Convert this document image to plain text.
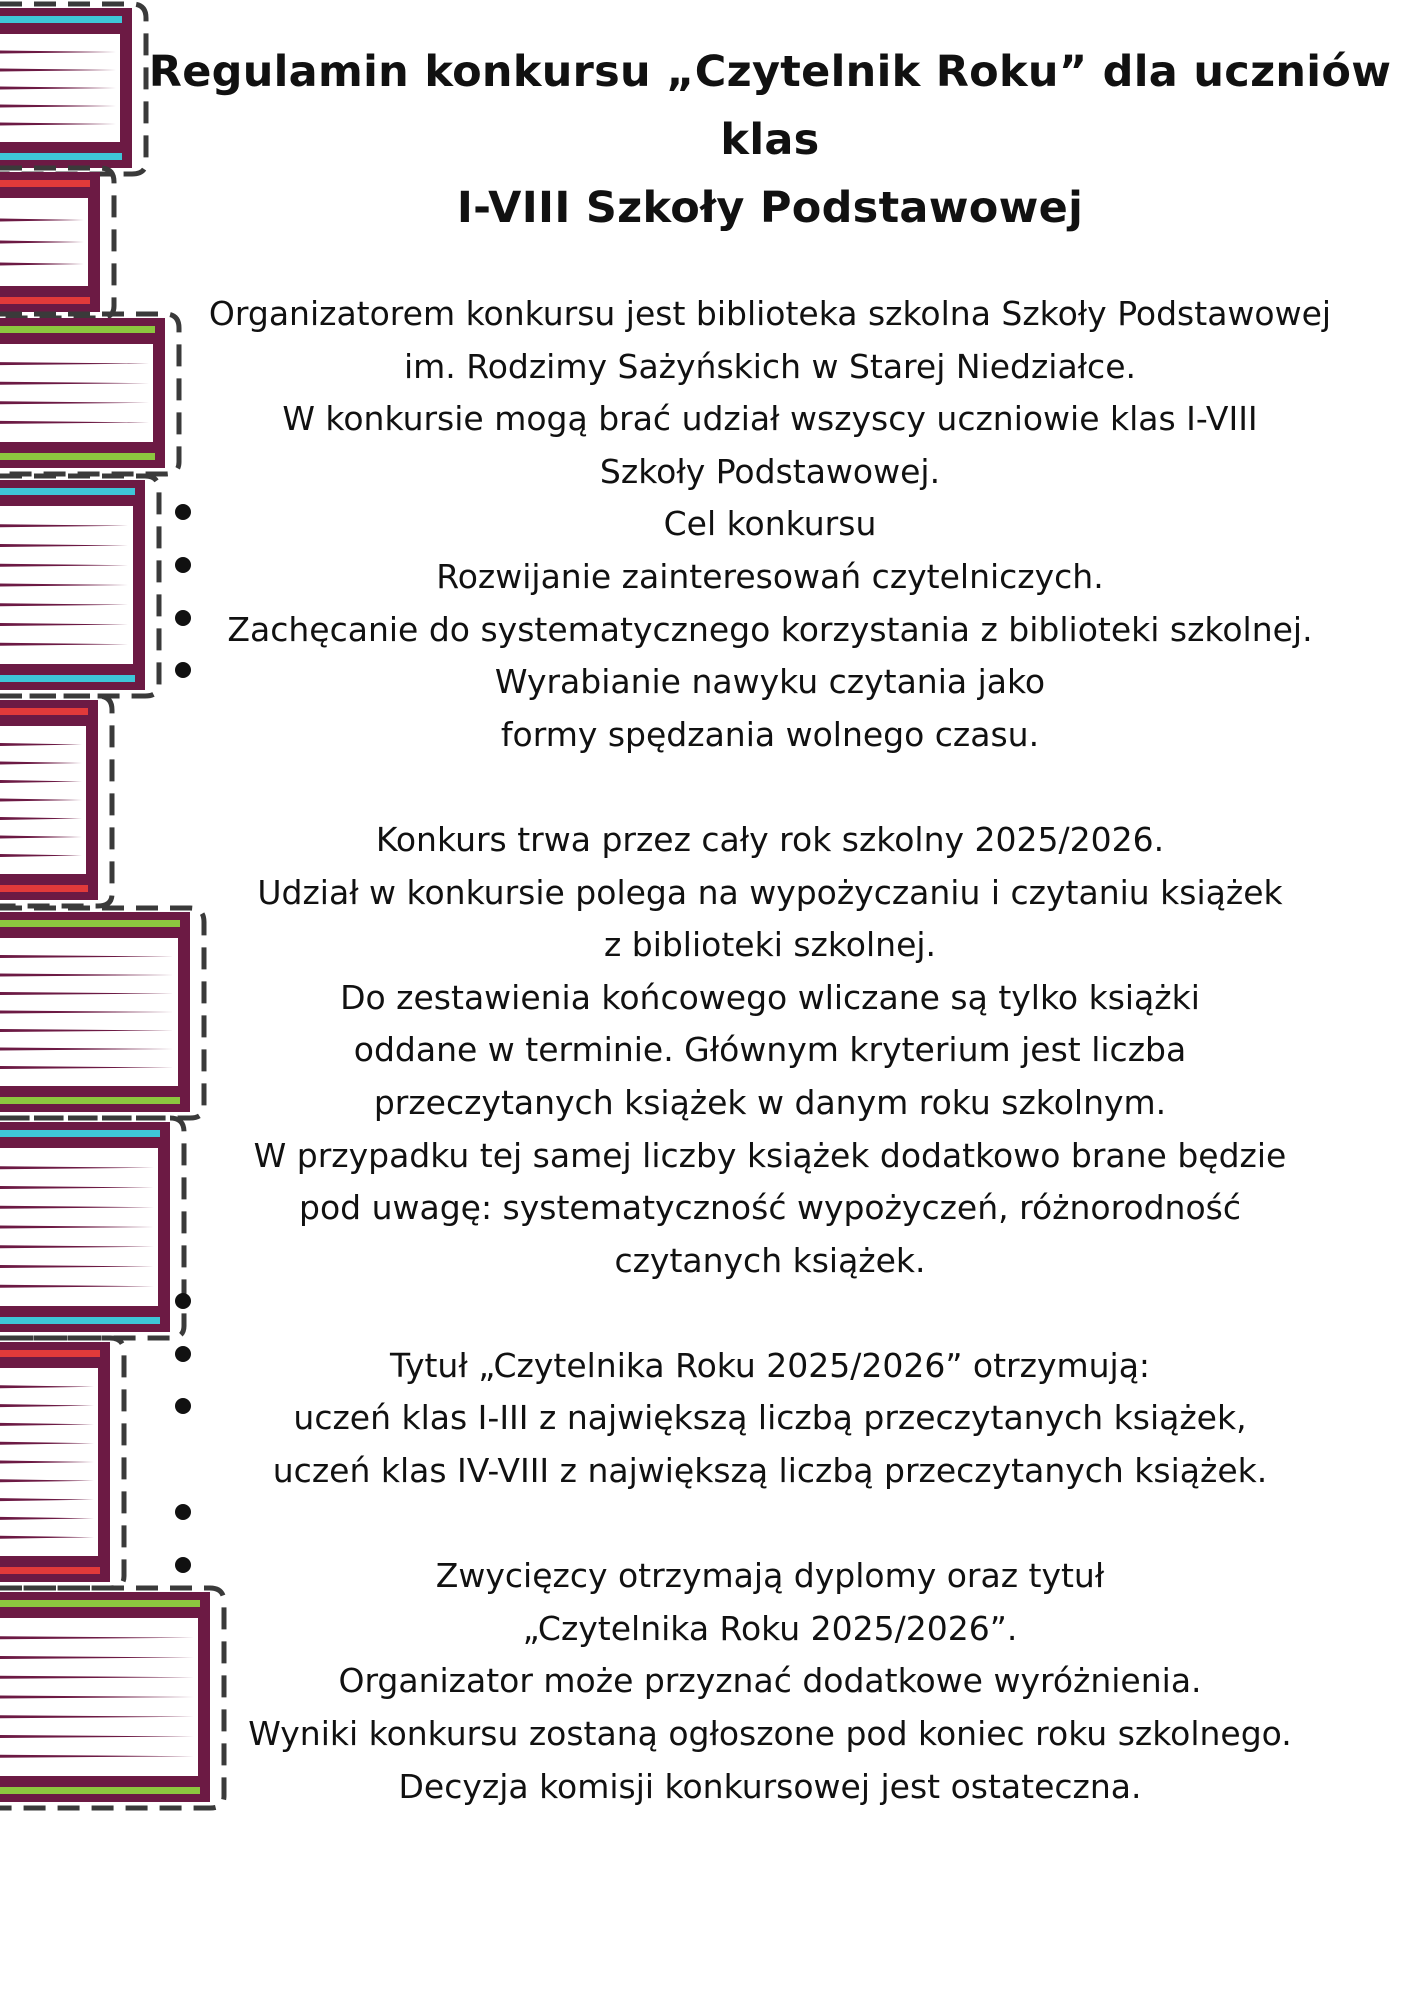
Regulamin konkursu „Czytelnik Roku” dla uczniów klas
I-VIII Szkoły Podstawowej
Organizatorem konkursu jest biblioteka szkolna Szkoły Podstawowej
im. Rodzimy Sażyńskich w Starej Niedziałce.
W konkursie mogą brać udział wszyscy uczniowie klas I-VIII
Szkoły Podstawowej.
Cel konkursu
Rozwijanie zainteresowań czytelniczych.
Zachęcanie do systematycznego korzystania z biblioteki szkolnej.
Wyrabianie nawyku czytania jako
formy spędzania wolnego czasu.
Konkurs trwa przez cały rok szkolny 2025/2026.
Udział w konkursie polega na wypożyczaniu i czytaniu książek
z biblioteki szkolnej.
Do zestawienia końcowego wliczane są tylko książki
oddane w terminie. Głównym kryterium jest liczba
przeczytanych książek w danym roku szkolnym.
W przypadku tej samej liczby książek dodatkowo brane będzie
pod uwagę: systematyczność wypożyczeń, różnorodność
czytanych książek.
Tytuł „Czytelnika Roku 2025/2026” otrzymują:
uczeń klas I-III z największą liczbą przeczytanych książek,
uczeń klas IV-VIII z największą liczbą przeczytanych książek.
Zwycięzcy otrzymają dyplomy oraz tytuł
„Czytelnika Roku 2025/2026”.
Organizator może przyznać dodatkowe wyróżnienia.
Wyniki konkursu zostaną ogłoszone pod koniec roku szkolnego.
Decyzja komisji konkursowej jest ostateczna.
